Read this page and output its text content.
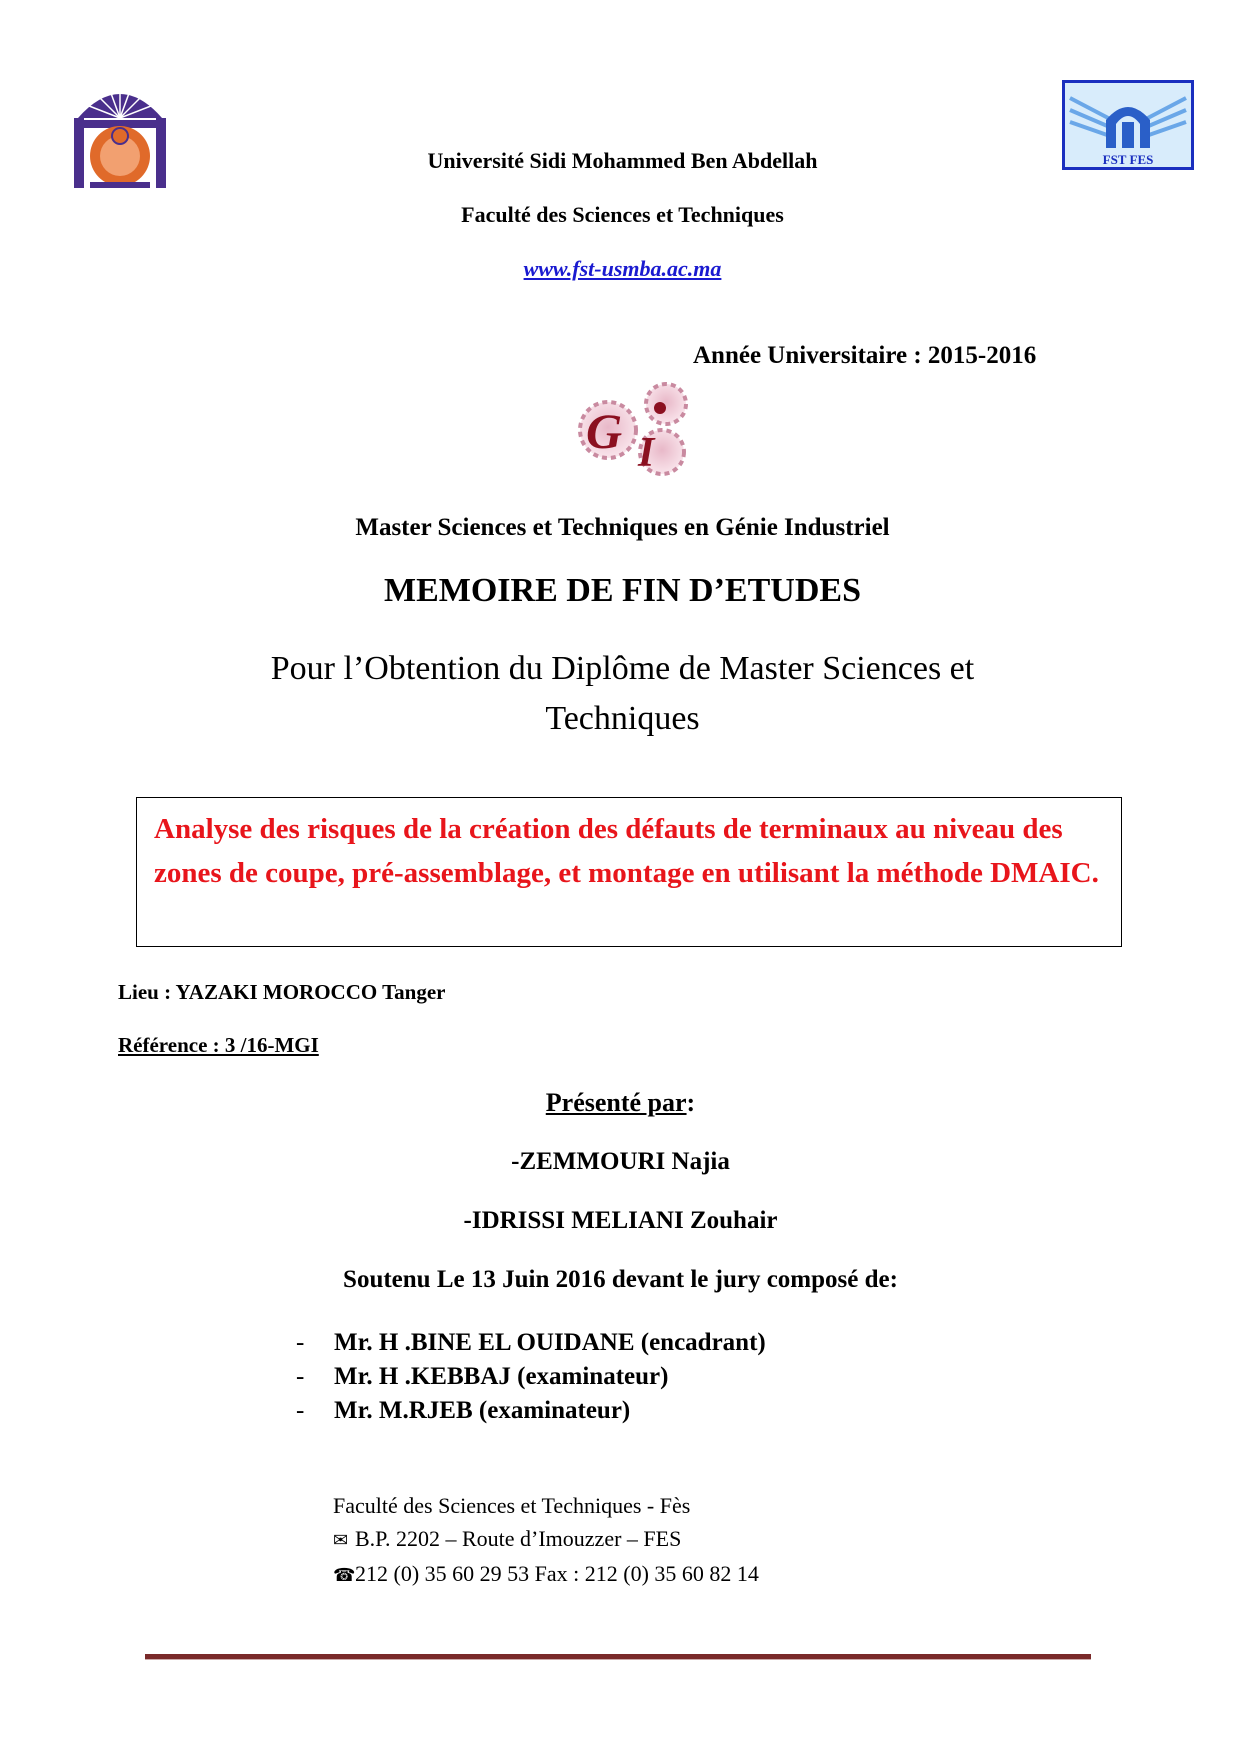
FST FES
Université Sidi Mohammed Ben Abdellah
Faculté des Sciences et Techniques
www.fst-usmba.ac.ma
Année Universitaire : 2015-2016
G I
Master Sciences et Techniques en Génie Industriel
MEMOIRE DE FIN D’ETUDES
Pour l’Obtention du Diplôme de Master Sciences et Techniques
Analyse des risques de la création des défauts de terminaux au niveau des zones de coupe, pré-assemblage, et montage en utilisant la méthode DMAIC.
Lieu : YAZAKI MOROCCO Tanger
Référence : 3 /16-MGI
Présenté par:
-ZEMMOURI Najia
-IDRISSI MELIANI Zouhair
Soutenu Le 13 Juin 2016 devant le jury composé de:
- Mr. H .BINE EL OUIDANE (encadrant)
- Mr. H .KEBBAJ (examinateur)
- Mr. M.RJEB (examinateur)
Faculté des Sciences et Techniques - Fès
✉ B.P. 2202 – Route d’Imouzzer – FES
☎212 (0) 35 60 29 53 Fax : 212 (0) 35 60 82 14
